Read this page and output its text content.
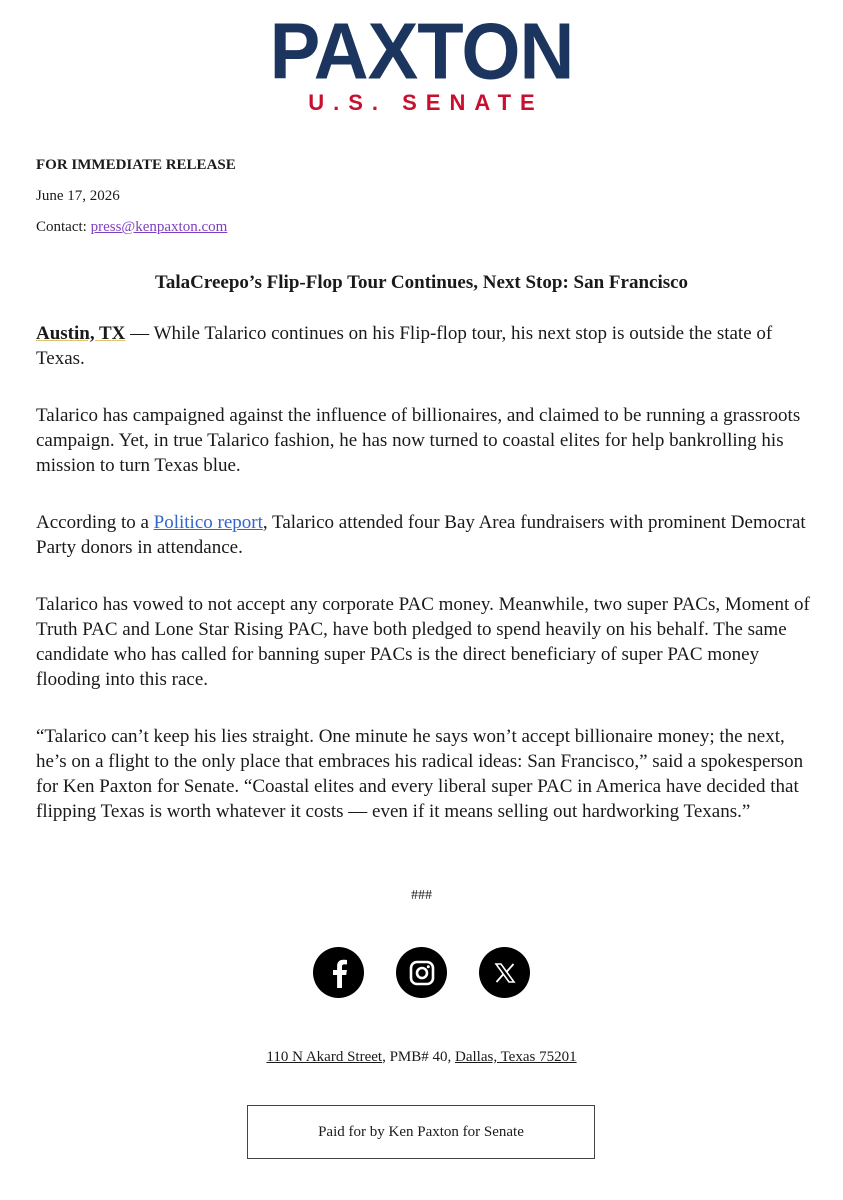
PAXTON
U.S. SENATE
FOR IMMEDIATE RELEASE
June 17, 2026
Contact: press@kenpaxton.com
TalaCreepo’s Flip-Flop Tour Continues, Next Stop: San Francisco

Austin, TX — While Talarico continues on his Flip-flop tour, his next stop is outside the state of Texas.

Talarico has campaigned against the influence of billionaires, and claimed to be running a grassroots campaign. Yet, in true Talarico fashion, he has now turned to coastal elites for help bankrolling his mission to turn Texas blue.

According to a Politico report, Talarico attended four Bay Area fundraisers with prominent Democrat Party donors in attendance.

Talarico has vowed to not accept any corporate PAC money. Meanwhile, two super PACs, Moment of Truth PAC and Lone Star Rising PAC, have both pledged to spend heavily on his behalf. The same candidate who has called for banning super PACs is the direct beneficiary of super PAC money flooding into this race.

“Talarico can’t keep his lies straight. One minute he says won’t accept billionaire money; the next, he’s on a flight to the only place that embraces his radical ideas: San Francisco,” said a spokesperson for Ken Paxton for Senate. “Coastal elites and every liberal super PAC in America have decided that flipping Texas is worth whatever it costs — even if it means selling out hardworking Texans.”

###
110 N Akard Street, PMB# 40, Dallas, Texas 75201
Paid for by Ken Paxton for Senate
